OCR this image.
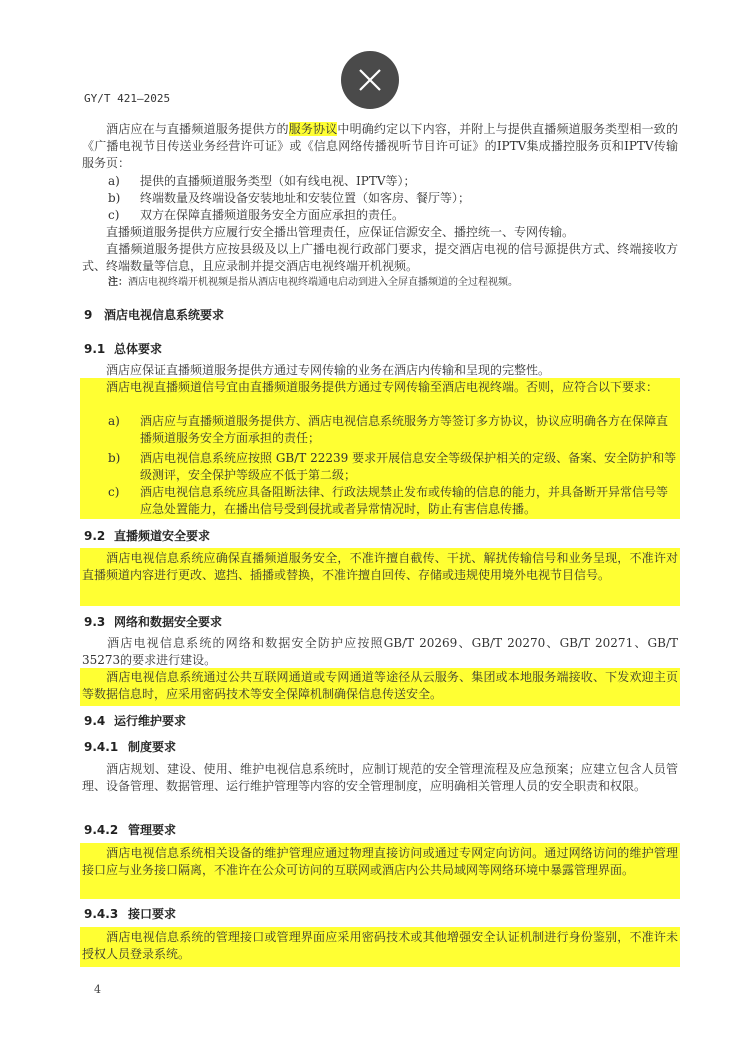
GY/T 421—2025
酒店应在与直播频道服务提供方的服务协议中明确约定以下内容，并附上与提供直播频道服务类型相一致的《广播电视节目传送业务经营许可证》或《信息网络传播视听节目许可证》的IPTV集成播控服务页和IPTV传输服务页：
a) 提供的直播频道服务类型（如有线电视、IPTV等）；
b) 终端数量及终端设备安装地址和安装位置（如客房、餐厅等）；
c) 双方在保障直播频道服务安全方面应承担的责任。
直播频道服务提供方应履行安全播出管理责任，应保证信源安全、播控统一、专网传输。
直播频道服务提供方应按县级及以上广播电视行政部门要求，提交酒店电视的信号源提供方式、终端接收方式、终端数量等信息，且应录制并提交酒店电视终端开机视频。
注：酒店电视终端开机视频是指从酒店电视终端通电启动到进入全屏直播频道的全过程视频。
9 酒店电视信息系统要求
9.1 总体要求
酒店应保证直播频道服务提供方通过专网传输的业务在酒店内传输和呈现的完整性。
酒店电视直播频道信号宜由直播频道服务提供方通过专网传输至酒店电视终端。否则，应符合以下要求：
a) 酒店应与直播频道服务提供方、酒店电视信息系统服务方等签订多方协议，协议应明确各方在保障直播频道服务安全方面承担的责任；
b) 酒店电视信息系统应按照 GB/T 22239 要求开展信息安全等级保护相关的定级、备案、安全防护和等级测评，安全保护等级应不低于第二级；
c) 酒店电视信息系统应具备阻断法律、行政法规禁止发布或传输的信息的能力，并具备断开异常信号等应急处置能力，在播出信号受到侵扰或者异常情况时，防止有害信息传播。
9.2 直播频道安全要求
酒店电视信息系统应确保直播频道服务安全，不准许擅自截传、干扰、解扰传输信号和业务呈现，不准许对直播频道内容进行更改、遮挡、插播或替换，不准许擅自回传、存储或违规使用境外电视节目信号。
9.3 网络和数据安全要求
酒店电视信息系统的网络和数据安全防护应按照GB/T 20269、GB/T 20270、GB/T 20271、GB/T 35273的要求进行建设。
酒店电视信息系统通过公共互联网通道或专网通道等途径从云服务、集团或本地服务端接收、下发欢迎主页等数据信息时，应采用密码技术等安全保障机制确保信息传送安全。
9.4 运行维护要求
9.4.1 制度要求
酒店规划、建设、使用、维护电视信息系统时，应制订规范的安全管理流程及应急预案；应建立包含人员管理、设备管理、数据管理、运行维护管理等内容的安全管理制度，应明确相关管理人员的安全职责和权限。
9.4.2 管理要求
酒店电视信息系统相关设备的维护管理应通过物理直接访问或通过专网定向访问。通过网络访问的维护管理接口应与业务接口隔离，不准许在公众可访问的互联网或酒店内公共局域网等网络环境中暴露管理界面。
9.4.3 接口要求
酒店电视信息系统的管理接口或管理界面应采用密码技术或其他增强安全认证机制进行身份鉴别，不准许未授权人员登录系统。
4
